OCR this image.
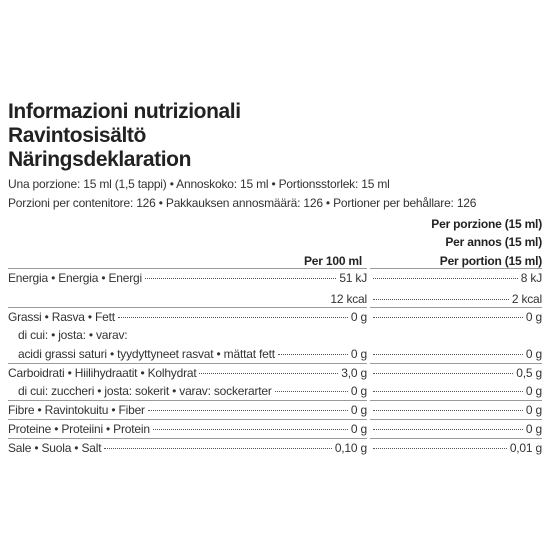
Informazioni nutrizionali
Ravintosisältö
Näringsdeklaration
Una porzione: 15 ml (1,5 tappi) • Annoskoko: 15 ml • Portionsstorlek: 15 ml
Porzioni per contenitore: 126 • Pakkauksen annosmäärä: 126 • Portioner per behållare: 126
Per porzione (15 ml)
Per annos (15 ml)
Per portion (15 ml)
Per 100 ml
Energia • Energia • Energi	51 kJ	8 kJ
12 kcal	2 kcal
Grassi • Rasva • Fett	0 g	0 g
di cui: • josta: • varav:
acidi grassi saturi • tyydyttyneet rasvat • mättat fett	0 g	0 g
Carboidrati • Hiilihydraatit • Kolhydrat	3,0 g	0,5 g
di cui: zuccheri • josta: sokerit • varav: sockerarter	0 g	0 g
Fibre • Ravintokuitu • Fiber	0 g	0 g
Proteine • Proteiini • Protein	0 g	0 g
Sale • Suola • Salt	0,10 g	0,01 g
